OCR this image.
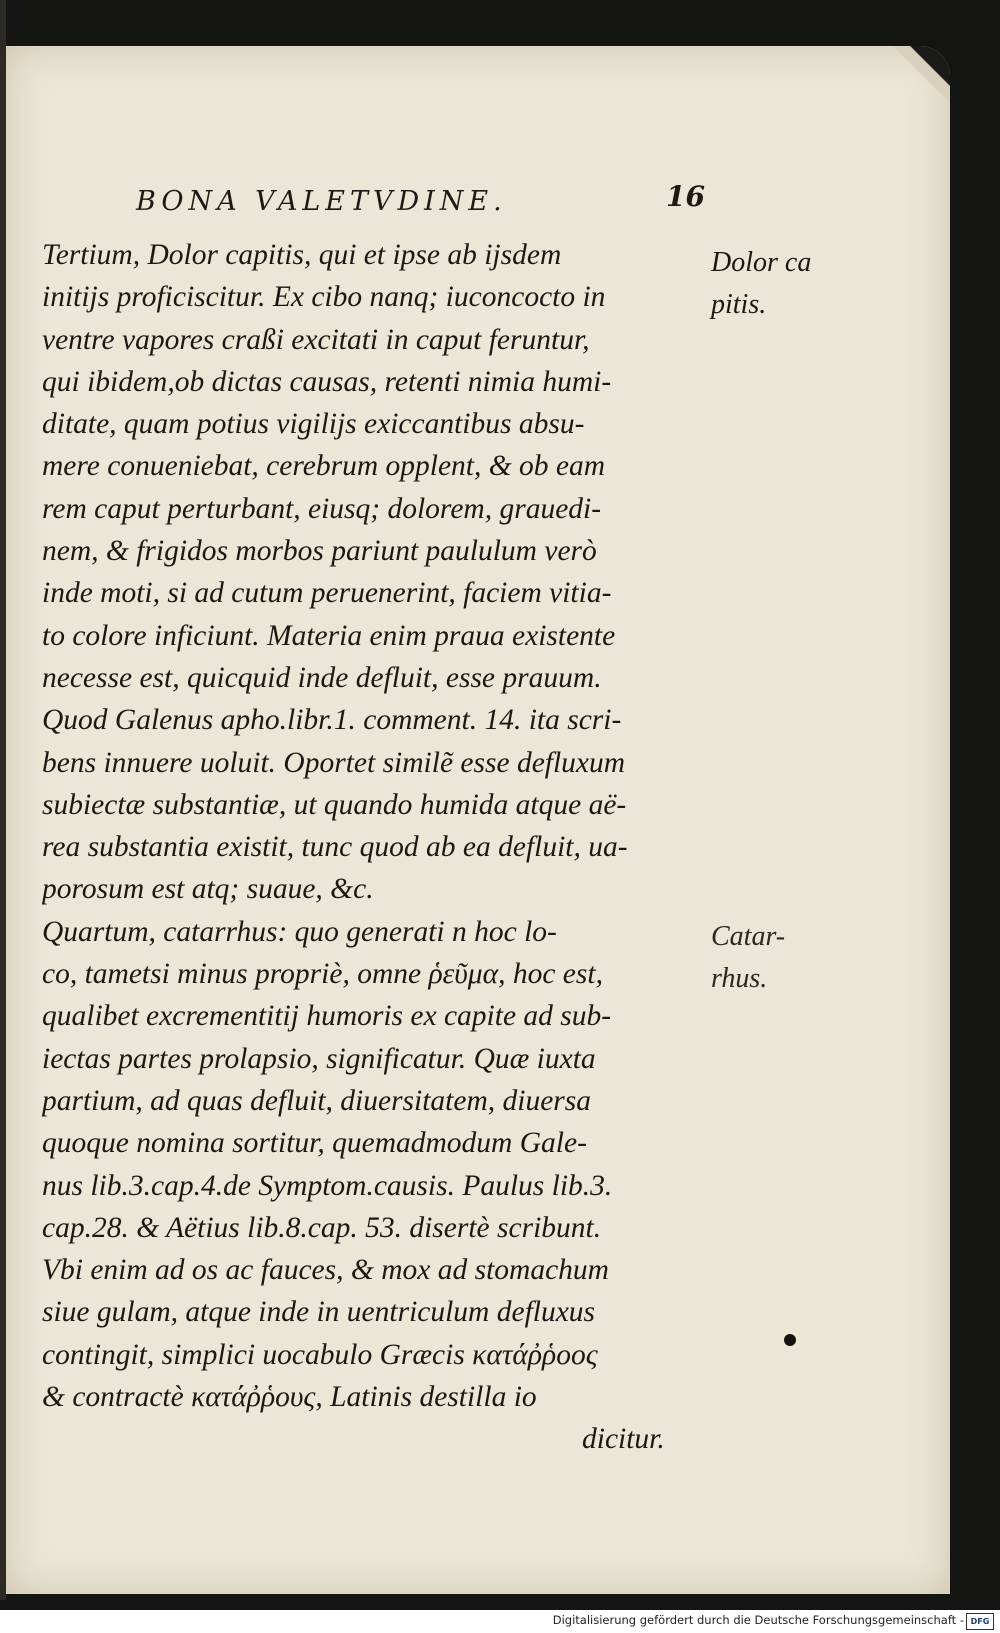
BONA VALETVDINE.	16
Tertium, Dolor capitis, qui et ipse ab ijsdem
initijs proficiscitur. Ex cibo nanq; iuconcocto in
ventre vapores craßi excitati in caput feruntur,
qui ibidem,ob dictas causas, retenti nimia humi-
ditate, quam potius vigilijs exiccantibus absu-
mere conueniebat, cerebrum opplent, & ob eam
rem caput perturbant, eiusq; dolorem, grauedi-
nem, & frigidos morbos pariunt paululum verò
inde moti, si ad cutum peruenerint, faciem vitia-
to colore inficiunt. Materia enim praua existente
necesse est, quicquid inde defluit, esse prauum.
Quod Galenus apho.libr.1. comment. 14. ita scri-
bens innuere uoluit. Oportet similẽ esse defluxum
subiectæ substantiæ, ut quando humida atque aë-
rea substantia existit, tunc quod ab ea defluit, ua-
porosum est atq; suaue, &c.
Quartum, catarrhus: quo generati n hoc lo-
co, tametsi minus propriè, omne ῥεῦμα, hoc est,
qualibet excrementitij humoris ex capite ad sub-
iectas partes prolapsio, significatur. Quæ iuxta
partium, ad quas defluit, diuersitatem, diuersa
quoque nomina sortitur, quemadmodum Gale-
nus lib.3.cap.4.de Symptom.causis. Paulus lib.3.
cap.28. & Aëtius lib.8.cap. 53. disertè scribunt.
Vbi enim ad os ac fauces, & mox ad stomachum
siue gulam, atque inde in uentriculum defluxus
contingit, simplici uocabulo Græcis κατάῤῥοος
& contractè κατάῤῥους, Latinis destilla io
dicitur.
Dolor ca
pitis.
Catar-
rhus.
Digitalisierung gefördert durch die Deutsche Forschungsgemeinschaft - DFG
